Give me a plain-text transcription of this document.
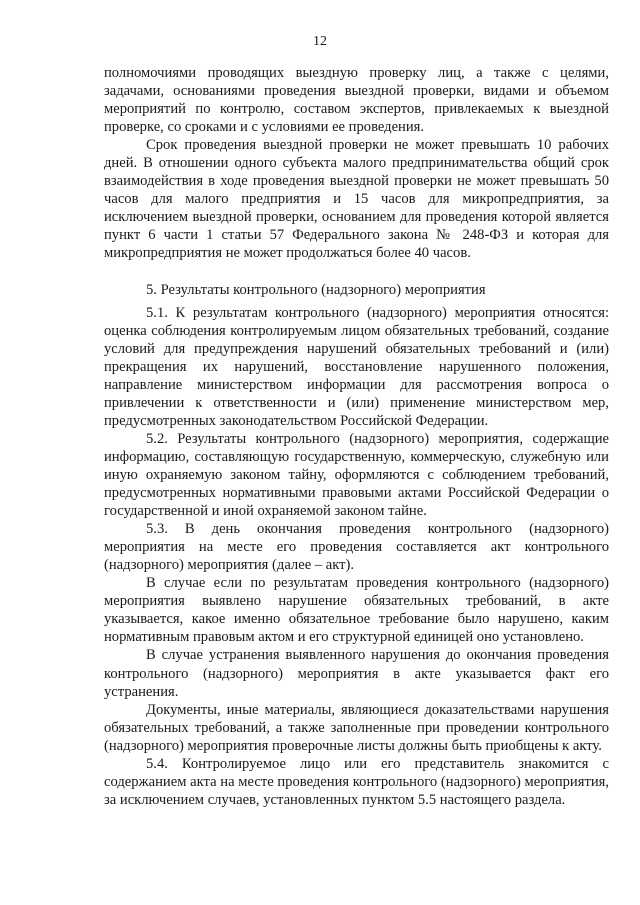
12

полномочиями проводящих выездную проверку лиц, а также с целями, задачами, основаниями проведения выездной проверки, видами и объемом мероприятий по контролю, составом экспертов, привлекаемых к выездной проверке, со сроками и с условиями ее проведения.

Срок проведения выездной проверки не может превышать 10 рабочих дней. В отношении одного субъекта малого предпринимательства общий срок взаимодействия в ходе проведения выездной проверки не может превышать 50 часов для малого предприятия и 15 часов для микропредприятия, за исключением выездной проверки, основанием для проведения которой является пункт 6 части 1 статьи 57 Федерального закона № 248-ФЗ и которая для микропредприятия не может продолжаться более 40 часов.

5. Результаты контрольного (надзорного) мероприятия

5.1. К результатам контрольного (надзорного) мероприятия относятся: оценка соблюдения контролируемым лицом обязательных требований, создание условий для предупреждения нарушений обязательных требований и (или) прекращения их нарушений, восстановление нарушенного положения, направление министерством информации для рассмотрения вопроса о привлечении к ответственности и (или) применение министерством мер, предусмотренных законодательством Российской Федерации.

5.2. Результаты контрольного (надзорного) мероприятия, содержащие информацию, составляющую государственную, коммерческую, служебную или иную охраняемую законом тайну, оформляются с соблюдением требований, предусмотренных нормативными правовыми актами Российской Федерации о государственной и иной охраняемой законом тайне.

5.3. В день окончания проведения контрольного (надзорного) мероприятия на месте его проведения составляется акт контрольного (надзорного) мероприятия (далее – акт).

В случае если по результатам проведения контрольного (надзорного) мероприятия выявлено нарушение обязательных требований, в акте указывается, какое именно обязательное требование было нарушено, каким нормативным правовым актом и его структурной единицей оно установлено.

В случае устранения выявленного нарушения до окончания проведения контрольного (надзорного) мероприятия в акте указывается факт его устранения.

Документы, иные материалы, являющиеся доказательствами нарушения обязательных требований, а также заполненные при проведении контрольного (надзорного) мероприятия проверочные листы должны быть приобщены к акту.

5.4. Контролируемое лицо или его представитель знакомится с содержанием акта на месте проведения контрольного (надзорного) мероприятия, за исключением случаев, установленных пунктом 5.5 настоящего раздела.
